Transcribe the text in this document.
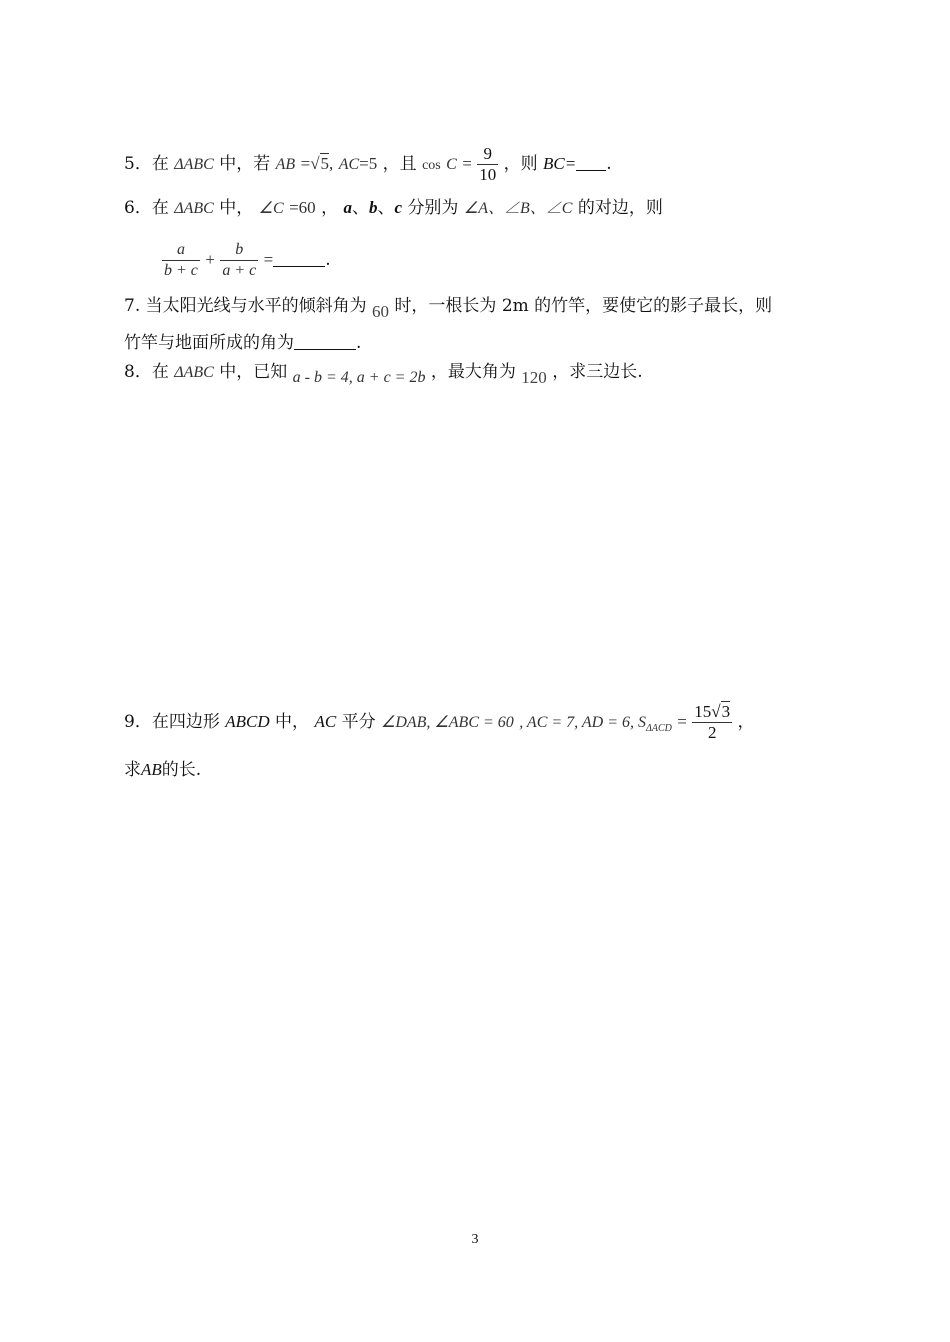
5．在 ΔABC 中，若 AB =√5, AC=5 ，且 $\cos C = \frac{9}{10}$ ，则 BC= .
6．在 ΔABC 中， ∠C =60 ， a、b、c 分别为 ∠A、∠B、∠C 的对边，则
$\frac{a}{b + c} + \frac{b}{a + c}$ =	.
7. 当太阳光线与水平的倾斜角为 60 时，一根长为 2m 的竹竿，要使它的影子最长，则
竹竿与地面所成的角为	.
8．在 ΔABC 中，已知 a - b = 4, a + c = 2b ，最大角为 120 ，求三边长.
9．在四边形 ABCD 中， AC 平分 ∠DAB, ∠ABC = 60 , AC = 7, AD = 6, $S_{\Delta ACD} = \frac{15√3}{2}$ ，
求AB的长.
3
